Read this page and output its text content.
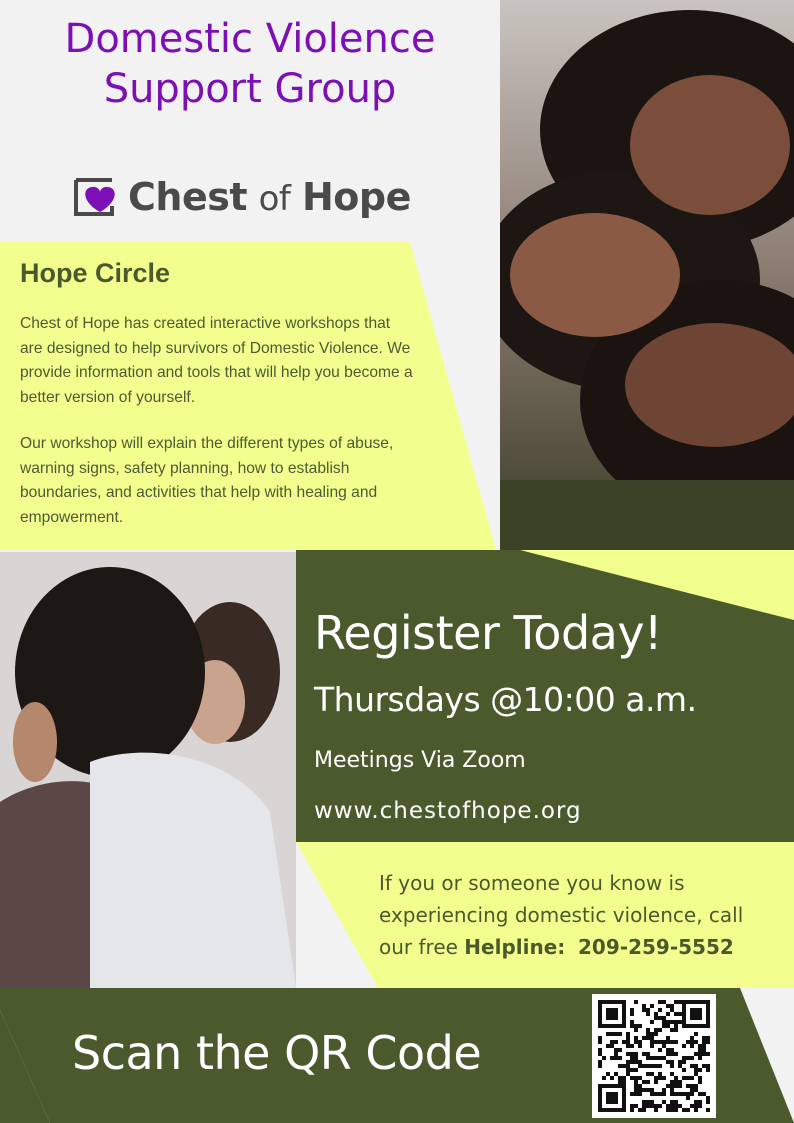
Domestic Violence
Support Group
Chest of Hope
Hope Circle

Chest of Hope has created interactive workshops that are designed to help survivors of Domestic Violence. We provide information and tools that will help you become a better version of yourself.

Our workshop will explain the different types of abuse, warning signs, safety planning, how to establish boundaries, and activities that help with healing and empowerment.

Register Today!
Thursdays @10:00 a.m.
Meetings Via Zoom
www.chestofhope.org
If you or someone you know is
experiencing domestic violence, call
our free Helpline: 209-259-5552
Scan the QR Code
